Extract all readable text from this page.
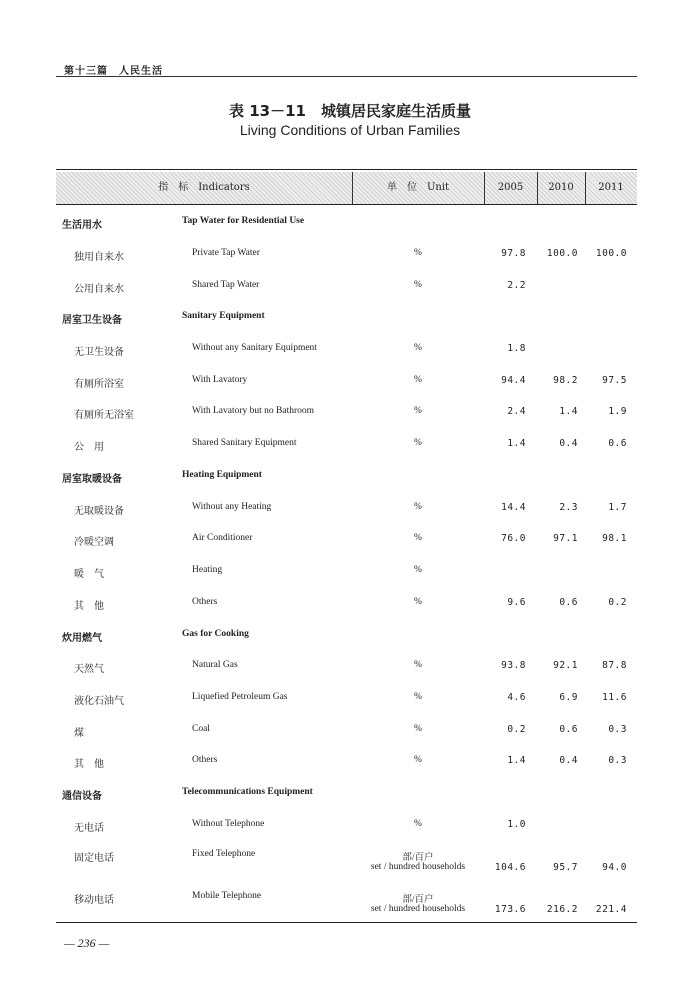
第十三篇　人民生活
表 13－11　城镇居民家庭生活质量
Living Conditions of Urban Families
指　标　Indicators	单　位　Unit	2005	2010	2011
生活用水	Tap Water for Residential Use
独用自来水	Private Tap Water	%	97.8	100.0	100.0
公用自来水	Shared Tap Water	%	2.2
居室卫生设备	Sanitary Equipment
无卫生设备	Without any Sanitary Equipment	%	1.8
有厕所浴室	With Lavatory	%	94.4	98.2	97.5
有厕所无浴室	With Lavatory but no Bathroom	%	2.4	1.4	1.9
公　用	Shared Sanitary Equipment	%	1.4	0.4	0.6
居室取暖设备	Heating Equipment
无取暖设备	Without any Heating	%	14.4	2.3	1.7
冷暖空调	Air Conditioner	%	76.0	97.1	98.1
暖　气	Heating	%
其　他	Others	%	9.6	0.6	0.2
炊用燃气	Gas for Cooking
天然气	Natural Gas	%	93.8	92.1	87.8
液化石油气	Liquefied Petroleum Gas	%	4.6	6.9	11.6
煤	Coal	%	0.2	0.6	0.3
其　他	Others	%	1.4	0.4	0.3
通信设备	Telecommunications Equipment
无电话	Without Telephone	%	1.0
固定电话	Fixed Telephone	部/百户
set / hundred households	104.6	95.7	94.0
移动电话	Mobile Telephone	部/百户
set / hundred households	173.6	216.2	221.4
— 236 —
